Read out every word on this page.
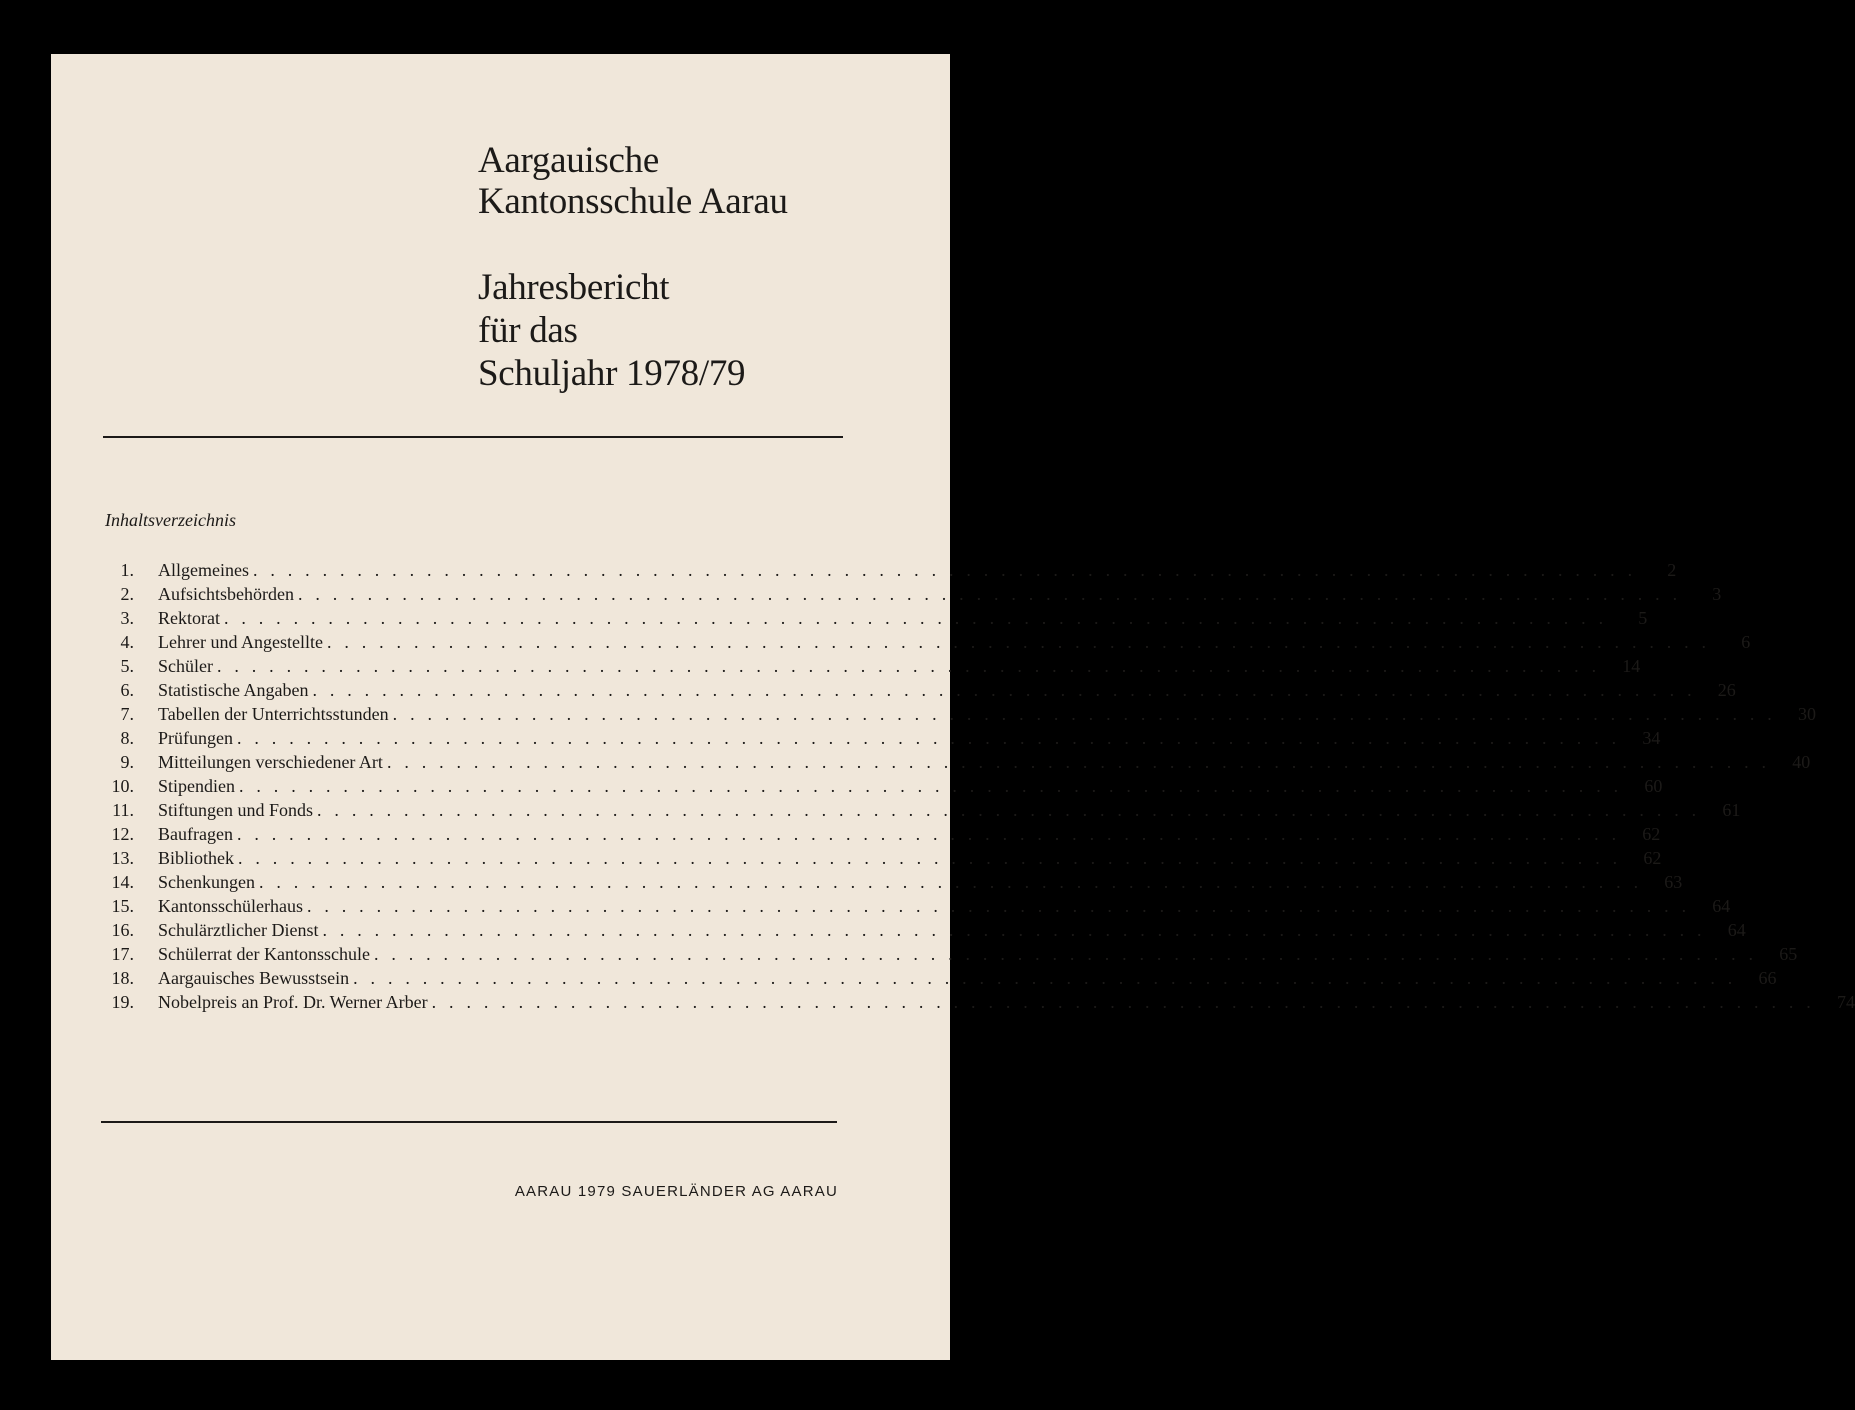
Aargauische
Kantonsschule Aarau
Jahresbericht
für das
Schuljahr 1978/79
Inhaltsverzeichnis
1. Allgemeines . . . . . . . . . . . . . . . . . . . . . . . . . . . . . . . . . . . . . . . . . . . . . . . . . . . . . . . . . . . . . . . . . . . . . . . . . . . . . . . .	2
2. Aufsichtsbehörden . . . . . . . . . . . . . . . . . . . . . . . . . . . . . . . . . . . . . . . . . . . . . . . . . . . . . . . . . . . . . . . . . . . . . . . . . . . . . . . .	3
3. Rektorat . . . . . . . . . . . . . . . . . . . . . . . . . . . . . . . . . . . . . . . . . . . . . . . . . . . . . . . . . . . . . . . . . . . . . . . . . . . . . . . .	5
4. Lehrer und Angestellte . . . . . . . . . . . . . . . . . . . . . . . . . . . . . . . . . . . . . . . . . . . . . . . . . . . . . . . . . . . . . . . . . . . . . . . . . . . . . . . .	6
5. Schüler . . . . . . . . . . . . . . . . . . . . . . . . . . . . . . . . . . . . . . . . . . . . . . . . . . . . . . . . . . . . . . . . . . . . . . . . . . . . . . . .	14
6. Statistische Angaben . . . . . . . . . . . . . . . . . . . . . . . . . . . . . . . . . . . . . . . . . . . . . . . . . . . . . . . . . . . . . . . . . . . . . . . . . . . . . . . .	26
7. Tabellen der Unterrichtsstunden . . . . . . . . . . . . . . . . . . . . . . . . . . . . . . . . . . . . . . . . . . . . . . . . . . . . . . . . . . . . . . . . . . . . . . . . . . . . . . . .	30
8. Prüfungen . . . . . . . . . . . . . . . . . . . . . . . . . . . . . . . . . . . . . . . . . . . . . . . . . . . . . . . . . . . . . . . . . . . . . . . . . . . . . . . .	34
9. Mitteilungen verschiedener Art . . . . . . . . . . . . . . . . . . . . . . . . . . . . . . . . . . . . . . . . . . . . . . . . . . . . . . . . . . . . . . . . . . . . . . . . . . . . . . . .	40
10. Stipendien . . . . . . . . . . . . . . . . . . . . . . . . . . . . . . . . . . . . . . . . . . . . . . . . . . . . . . . . . . . . . . . . . . . . . . . . . . . . . . . .	60
11. Stiftungen und Fonds . . . . . . . . . . . . . . . . . . . . . . . . . . . . . . . . . . . . . . . . . . . . . . . . . . . . . . . . . . . . . . . . . . . . . . . . . . . . . . . .	61
12. Baufragen . . . . . . . . . . . . . . . . . . . . . . . . . . . . . . . . . . . . . . . . . . . . . . . . . . . . . . . . . . . . . . . . . . . . . . . . . . . . . . . .	62
13. Bibliothek . . . . . . . . . . . . . . . . . . . . . . . . . . . . . . . . . . . . . . . . . . . . . . . . . . . . . . . . . . . . . . . . . . . . . . . . . . . . . . . .	62
14. Schenkungen . . . . . . . . . . . . . . . . . . . . . . . . . . . . . . . . . . . . . . . . . . . . . . . . . . . . . . . . . . . . . . . . . . . . . . . . . . . . . . . .	63
15. Kantonsschülerhaus . . . . . . . . . . . . . . . . . . . . . . . . . . . . . . . . . . . . . . . . . . . . . . . . . . . . . . . . . . . . . . . . . . . . . . . . . . . . . . . .	64
16. Schulärztlicher Dienst . . . . . . . . . . . . . . . . . . . . . . . . . . . . . . . . . . . . . . . . . . . . . . . . . . . . . . . . . . . . . . . . . . . . . . . . . . . . . . . .	64
17. Schülerrat der Kantonsschule . . . . . . . . . . . . . . . . . . . . . . . . . . . . . . . . . . . . . . . . . . . . . . . . . . . . . . . . . . . . . . . . . . . . . . . . . . . . . . . .	65
18. Aargauisches Bewusstsein . . . . . . . . . . . . . . . . . . . . . . . . . . . . . . . . . . . . . . . . . . . . . . . . . . . . . . . . . . . . . . . . . . . . . . . . . . . . . . . .	66
19. Nobelpreis an Prof. Dr. Werner Arber . . . . . . . . . . . . . . . . . . . . . . . . . . . . . . . . . . . . . . . . . . . . . . . . . . . . . . . . . . . . . . . . . . . . . . . . . . . . . . . .	74
AARAU 1979 SAUERLÄNDER AG AARAU
